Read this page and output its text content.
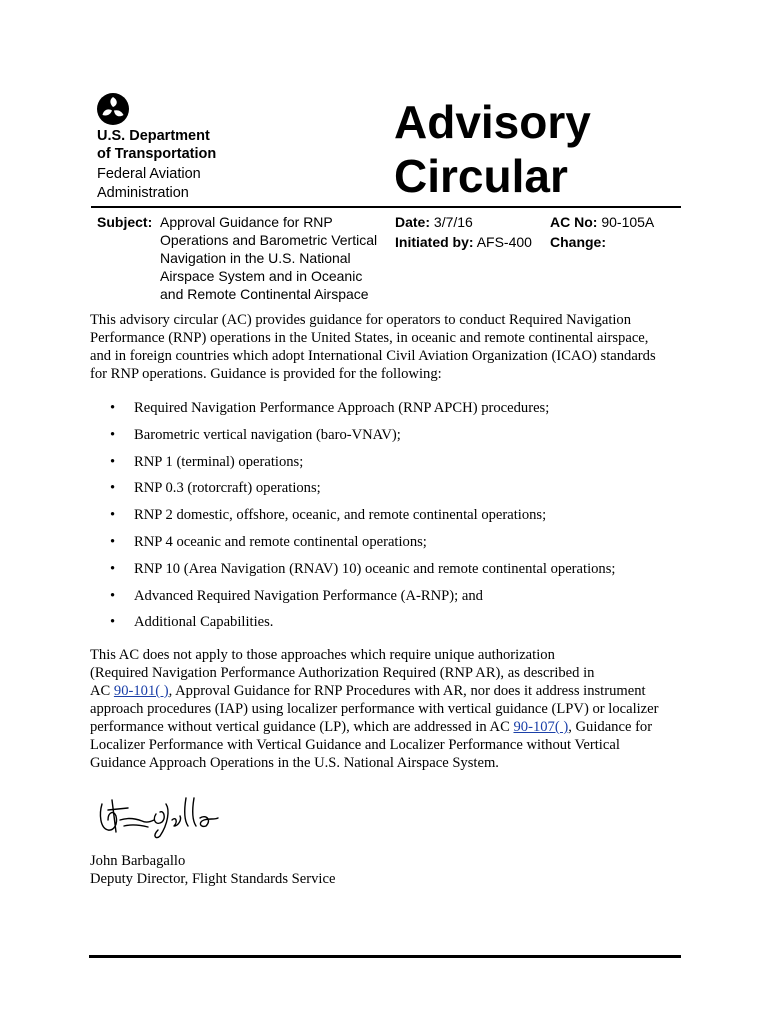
U.S. Department
of Transportation
Federal Aviation
Administration
Advisory
Circular
Subject: Approval Guidance for RNP
Operations and Barometric Vertical
Navigation in the U.S. National
Airspace System and in Oceanic
and Remote Continental Airspace
Date: 3/7/16
Initiated by: AFS-400
AC No: 90-105A
Change:
This advisory circular (AC) provides guidance for operators to conduct Required Navigation
Performance (RNP) operations in the United States, in oceanic and remote continental airspace,
and in foreign countries which adopt International Civil Aviation Organization (ICAO) standards
for RNP operations. Guidance is provided for the following:
•	Required Navigation Performance Approach (RNP APCH) procedures;
•	Barometric vertical navigation (baro-VNAV);
•	RNP 1 (terminal) operations;
•	RNP 0.3 (rotorcraft) operations;
•	RNP 2 domestic, offshore, oceanic, and remote continental operations;
•	RNP 4 oceanic and remote continental operations;
•	RNP 10 (Area Navigation (RNAV) 10) oceanic and remote continental operations;
•	Advanced Required Navigation Performance (A-RNP); and
•	Additional Capabilities.
This AC does not apply to those approaches which require unique authorization
(Required Navigation Performance Authorization Required (RNP AR), as described in
AC 90-101( ), Approval Guidance for RNP Procedures with AR, nor does it address instrument
approach procedures (IAP) using localizer performance with vertical guidance (LPV) or localizer
performance without vertical guidance (LP), which are addressed in AC 90-107( ), Guidance for
Localizer Performance with Vertical Guidance and Localizer Performance without Vertical
Guidance Approach Operations in the U.S. National Airspace System.
John Barbagallo
Deputy Director, Flight Standards Service
